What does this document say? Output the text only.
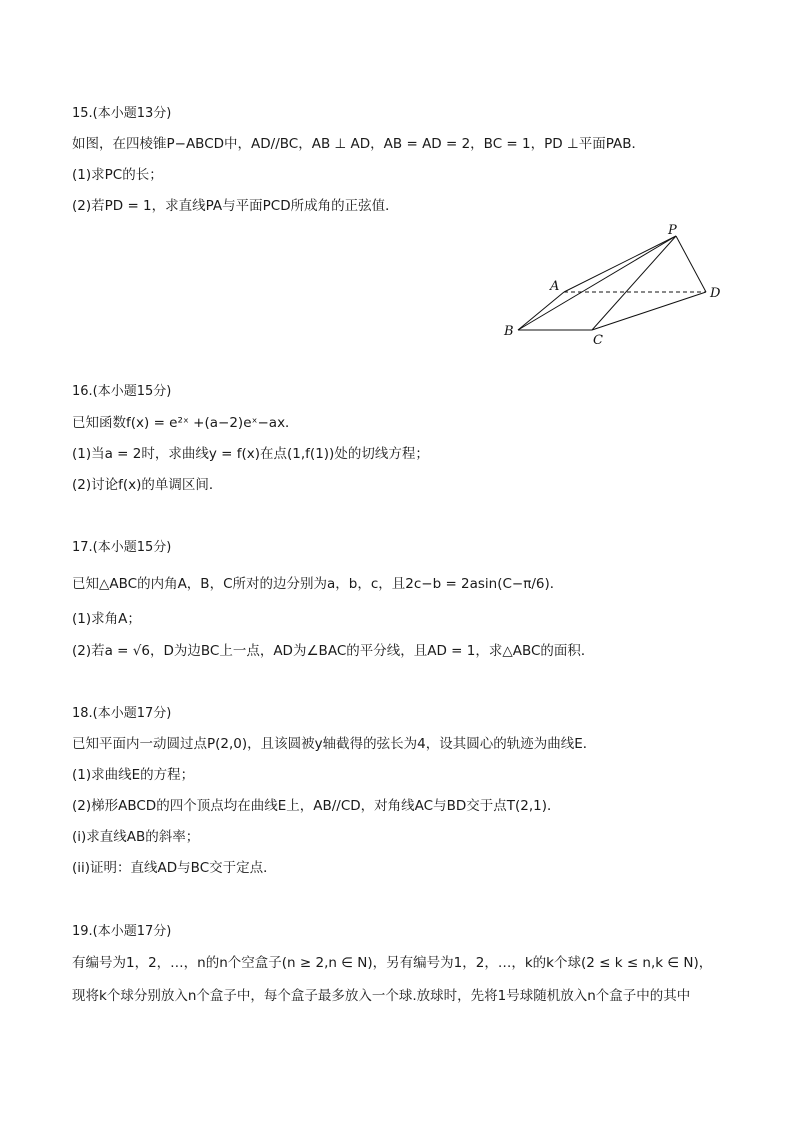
15.(本小题13分)
如图，在四棱锥P−ABCD中，AD//BC，AB ⊥ AD，AB = AD = 2，BC = 1，PD ⊥平面PAB．
(1)求PC的长；
(2)若PD = 1，求直线PA与平面PCD所成角的正弦值．
P
A
B
C
D
16.(本小题15分)
已知函数f(x) = e²ˣ +(a−2)eˣ−ax．
(1)当a = 2时，求曲线y = f(x)在点(1,f(1))处的切线方程；
(2)讨论f(x)的单调区间．
17.(本小题15分)
已知△ABC的内角A，B，C所对的边分别为a，b，c，且2c−b = 2asin(C−π/6)．
(1)求角A；
(2)若a = √6，D为边BC上一点，AD为∠BAC的平分线，且AD = 1，求△ABC的面积．
18.(本小题17分)
已知平面内一动圆过点P(2,0)，且该圆被y轴截得的弦长为4，设其圆心的轨迹为曲线E．
(1)求曲线E的方程；
(2)梯形ABCD的四个顶点均在曲线E上，AB//CD，对角线AC与BD交于点T(2,1)．
(i)求直线AB的斜率；
(ii)证明：直线AD与BC交于定点．
19.(本小题17分)
有编号为1，2，…，n的n个空盒子(n ≥ 2,n ∈ N)，另有编号为1，2，…，k的k个球(2 ≤ k ≤ n,k ∈ N)，
现将k个球分别放入n个盒子中，每个盒子最多放入一个球.放球时，先将1号球随机放入n个盒子中的其中
